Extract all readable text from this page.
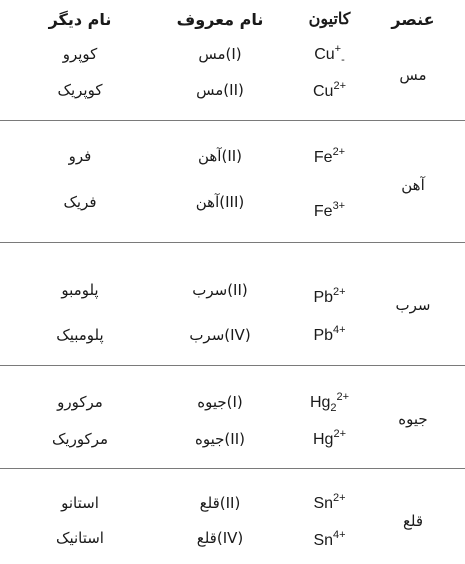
عنصر
کاتیون
نام معروف
نام دیگر
مس
$Cu^+_-$
مس(I)
کوپرو
$Cu^{2+}$
مس(II)
کوپریک
آهن
$Fe^{2+}$
آهن(II)
فرو
$Fe^{3+}$
آهن(III)
فریک
سرب
$Pb^{2+}$
سرب(II)
پلومبو
$Pb^{4+}$
سرب(IV)
پلومبیک
جیوه
$Hg_2^{2+}$
جیوه(I)
مرکورو
$Hg^{2+}$
جیوه(II)
مرکوریک
قلع
$Sn^{2+}$
قلع(II)
استانو
$Sn^{4+}$
قلع(IV)
استانیک
